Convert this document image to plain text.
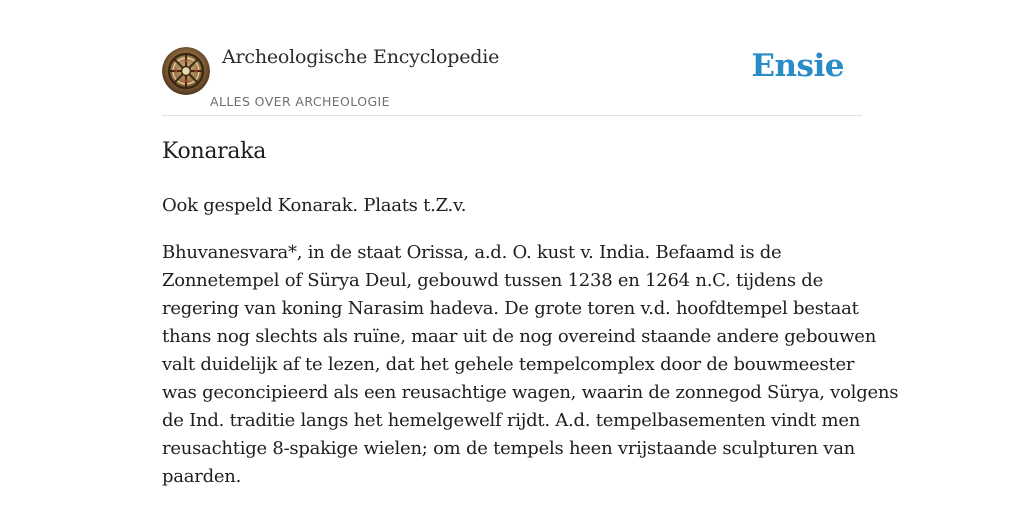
Archeologische Encyclopedie
ALLES OVER ARCHEOLOGIE
Ensie
Konaraka

Ook gespeld Konarak. Plaats t.Z.v.

Bhuvanesvara*, in de staat Orissa, a.d. O. kust v. India. Befaamd is de
Zonnetempel of Sürya Deul, gebouwd tussen 1238 en 1264 n.C. tijdens de
regering van koning Narasim hadeva. De grote toren v.d. hoofdtempel bestaat
thans nog slechts als ruïne, maar uit de nog overeind staande andere gebouwen
valt duidelijk af te lezen, dat het gehele tempelcomplex door de bouwmeester
was geconcipieerd als een reusachtige wagen, waarin de zonnegod Sürya, volgens
de Ind. traditie langs het hemelgewelf rijdt. A.d. tempelbasementen vindt men
reusachtige 8-spakige wielen; om de tempels heen vrijstaande sculpturen van
paarden.
